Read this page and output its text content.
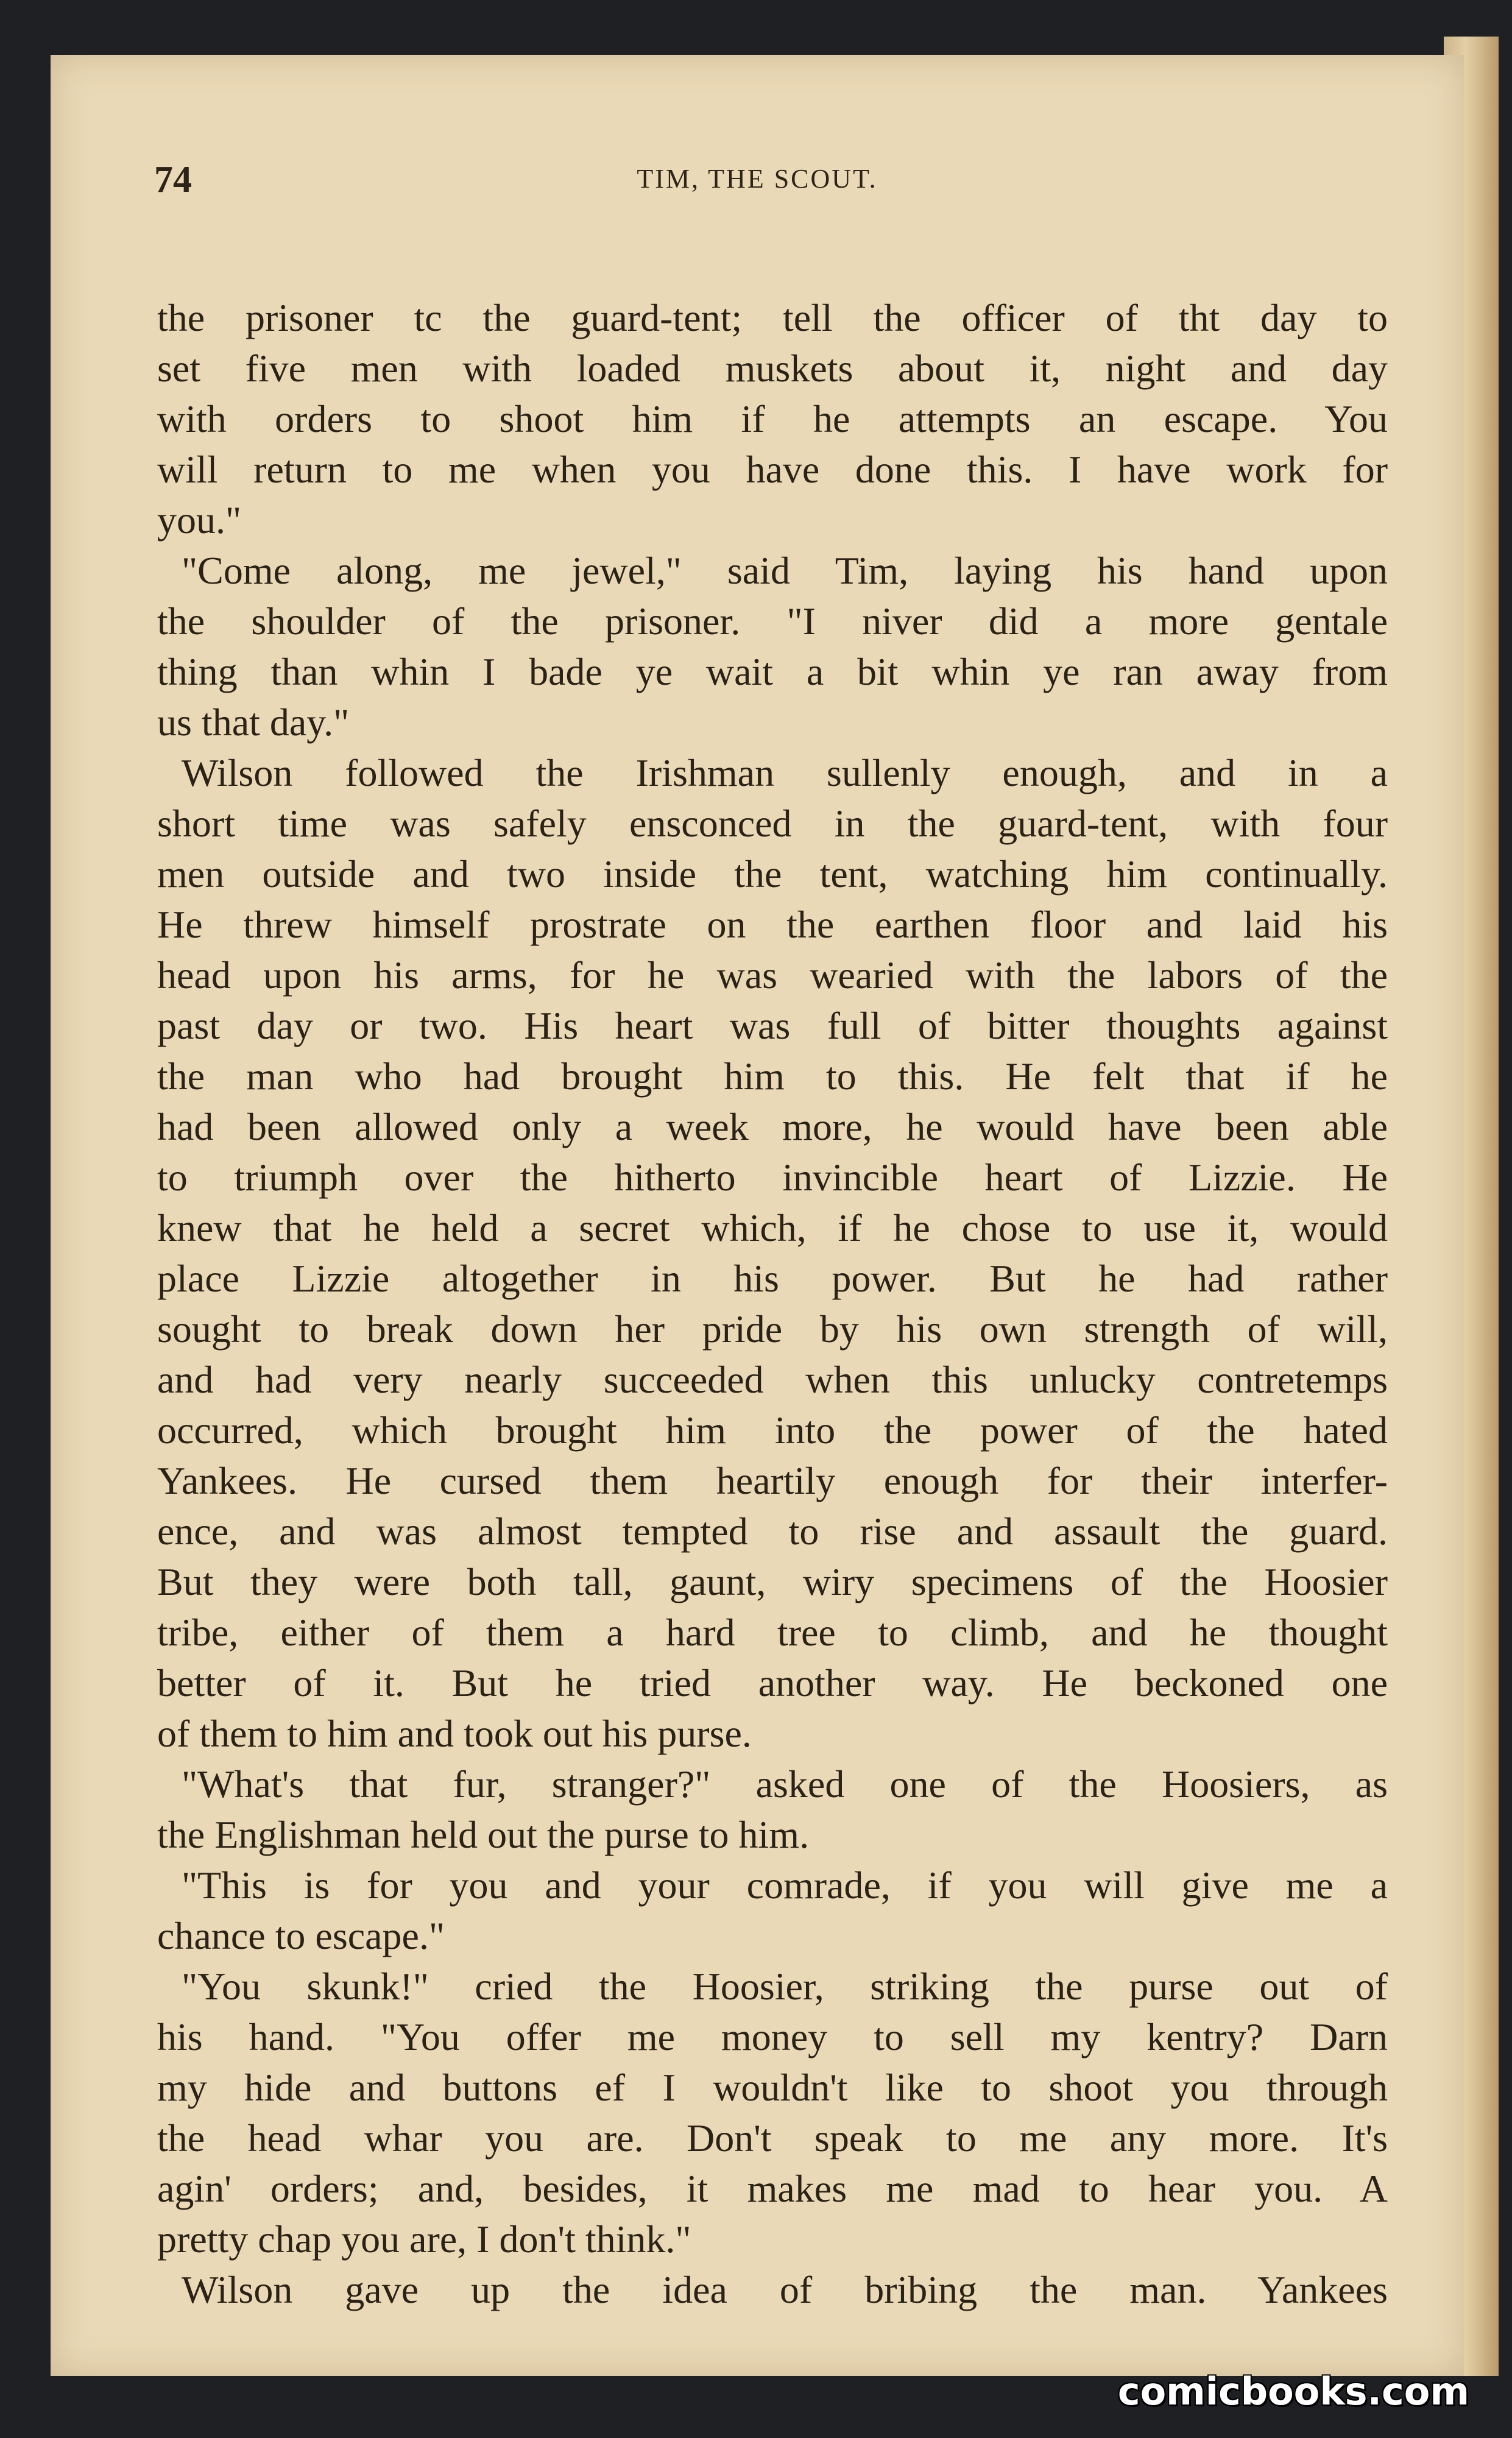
74	TIM, THE SCOUT.
the prisoner tc the guard-tent; tell the officer of tht day to
set five men with loaded muskets about it, night and day
with orders to shoot him if he attempts an escape. You
will return to me when you have done this. I have work for
you."
"Come along, me jewel," said Tim, laying his hand upon
the shoulder of the prisoner. "I niver did a more gentale
thing than whin I bade ye wait a bit whin ye ran away from
us that day."
Wilson followed the Irishman sullenly enough, and in a
short time was safely ensconced in the guard-tent, with four
men outside and two inside the tent, watching him continually.
He threw himself prostrate on the earthen floor and laid his
head upon his arms, for he was wearied with the labors of the
past day or two. His heart was full of bitter thoughts against
the man who had brought him to this. He felt that if he
had been allowed only a week more, he would have been able
to triumph over the hitherto invincible heart of Lizzie. He
knew that he held a secret which, if he chose to use it, would
place Lizzie altogether in his power. But he had rather
sought to break down her pride by his own strength of will,
and had very nearly succeeded when this unlucky contretemps
occurred, which brought him into the power of the hated
Yankees. He cursed them heartily enough for their interfer-
ence, and was almost tempted to rise and assault the guard.
But they were both tall, gaunt, wiry specimens of the Hoosier
tribe, either of them a hard tree to climb, and he thought
better of it. But he tried another way. He beckoned one
of them to him and took out his purse.
"What's that fur, stranger?" asked one of the Hoosiers, as
the Englishman held out the purse to him.
"This is for you and your comrade, if you will give me a
chance to escape."
"You skunk!" cried the Hoosier, striking the purse out of
his hand. "You offer me money to sell my kentry? Darn
my hide and buttons ef I wouldn't like to shoot you through
the head whar you are. Don't speak to me any more. It's
agin' orders; and, besides, it makes me mad to hear you. A
pretty chap you are, I don't think."
Wilson gave up the idea of bribing the man. Yankees
comicbooks.com
